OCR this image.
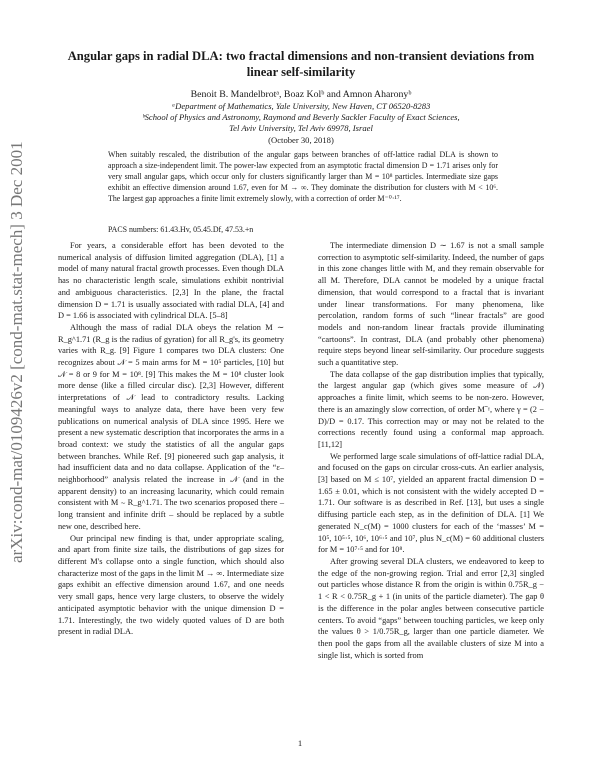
arXiv:cond-mat/0109426v2 [cond-mat.stat-mech] 3 Dec 2001
Angular gaps in radial DLA: two fractal dimensions and non-transient deviations from linear self-similarity
Benoit B. Mandelbrotᵃ, Boaz Kolᵇ and Amnon Aharonyᵇ
ᵃDepartment of Mathematics, Yale University, New Haven, CT 06520-8283
ᵇSchool of Physics and Astronomy, Raymond and Beverly Sackler Faculty of Exact Sciences,
Tel Aviv University, Tel Aviv 69978, Israel
(October 30, 2018)
When suitably rescaled, the distribution of the angular gaps between branches of off-lattice radial DLA is shown to approach a size-independent limit. The power-law expected from an asymptotic fractal dimension D = 1.71 arises only for very small angular gaps, which occur only for clusters significantly larger than M = 10⁸ particles. Intermediate size gaps exhibit an effective dimension around 1.67, even for M → ∞. They dominate the distribution for clusters with M < 10⁶. The largest gap approaches a finite limit extremely slowly, with a correction of order M⁻⁰·¹⁷.
PACS numbers: 61.43.Hv, 05.45.Df, 47.53.+n

For years, a considerable effort has been devoted to the numerical analysis of diffusion limited aggregation (DLA), [1] a model of many natural fractal growth processes. Even though DLA has no characteristic length scale, simulations exhibit nontrivial and ambiguous characteristics. [2,3] In the plane, the fractal dimension D = 1.71 is usually associated with radial DLA, [4] and D = 1.66 is associated with cylindrical DLA. [5–8]

Although the mass of radial DLA obeys the relation M ∼ R_g^1.71 (R_g is the radius of gyration) for all R_g's, its geometry varies with R_g. [9] Figure 1 compares two DLA clusters: One recognizes about 𝒩 = 5 main arms for M = 10⁵ particles, [10] but 𝒩 = 8 or 9 for M = 10⁸. [9] This makes the M = 10⁸ cluster look more dense (like a filled circular disc). [2,3] However, different interpretations of 𝒩 lead to contradictory results. Lacking meaningful ways to analyze data, there have been very few publications on numerical analysis of DLA since 1995. Here we present a new systematic description that incorporates the arms in a broad context: we study the statistics of all the angular gaps between branches. While Ref. [9] pioneered such gap analysis, it had insufficient data and no data collapse. Application of the “ε–neighborhood” analysis related the increase in 𝒩 (and in the apparent density) to an increasing lacunarity, which could remain consistent with M ∼ R_g^1.71. The two scenarios proposed there – long transient and infinite drift – should be replaced by a subtle new one, described here.

Our principal new finding is that, under appropriate scaling, and apart from finite size tails, the distributions of gap sizes for different M's collapse onto a single function, which should also characterize most of the gaps in the limit M → ∞. Intermediate size gaps exhibit an effective dimension around 1.67, and one needs very small gaps, hence very large clusters, to observe the widely anticipated asymptotic behavior with the unique dimension D = 1.71. Interestingly, the two widely quoted values of D are both present in radial DLA.

The intermediate dimension D ∼ 1.67 is not a small sample correction to asymptotic self-similarity. Indeed, the number of gaps in this zone changes little with M, and they remain observable for all M. Therefore, DLA cannot be modeled by a unique fractal dimension, that would correspond to a fractal that is invariant under linear transformations. For many phenomena, like percolation, random forms of such “linear fractals” are good models and non-random linear fractals provide illuminating “cartoons”. In contrast, DLA (and probably other phenomena) require steps beyond linear self-similarity. Our procedure suggests such a quantitative step.

The data collapse of the gap distribution implies that typically, the largest angular gap (which gives some measure of 𝒩) approaches a finite limit, which seems to be non-zero. However, there is an amazingly slow correction, of order M⁻ᵞ, where γ = (2 − D)/D = 0.17. This correction may or may not be related to the corrections recently found using a conformal map approach. [11,12]

We performed large scale simulations of off-lattice radial DLA, and focused on the gaps on circular cross-cuts. An earlier analysis, [3] based on M ≤ 10⁷, yielded an apparent fractal dimension D = 1.65 ± 0.01, which is not consistent with the widely accepted D = 1.71. Our software is as described in Ref. [13], but uses a single diffusing particle each step, as in the definition of DLA. [1] We generated N_c(M) = 1000 clusters for each of the ‘masses’ M = 10⁵, 10⁵·⁵, 10⁶, 10⁶·⁵ and 10⁷, plus N_c(M) = 60 additional clusters for M = 10⁷·⁵ and for 10⁸.

After growing several DLA clusters, we endeavored to keep to the edge of the non-growing region. Trial and error [2,3] singled out particles whose distance R from the origin is within 0.75R_g − 1 < R < 0.75R_g + 1 (in units of the particle diameter). The gap θ is the difference in the polar angles between consecutive particle centers. To avoid “gaps” between touching particles, we keep only the values θ > 1/0.75R_g, larger than one particle diameter. We then pool the gaps from all the available clusters of size M into a single list, which is sorted from

1
